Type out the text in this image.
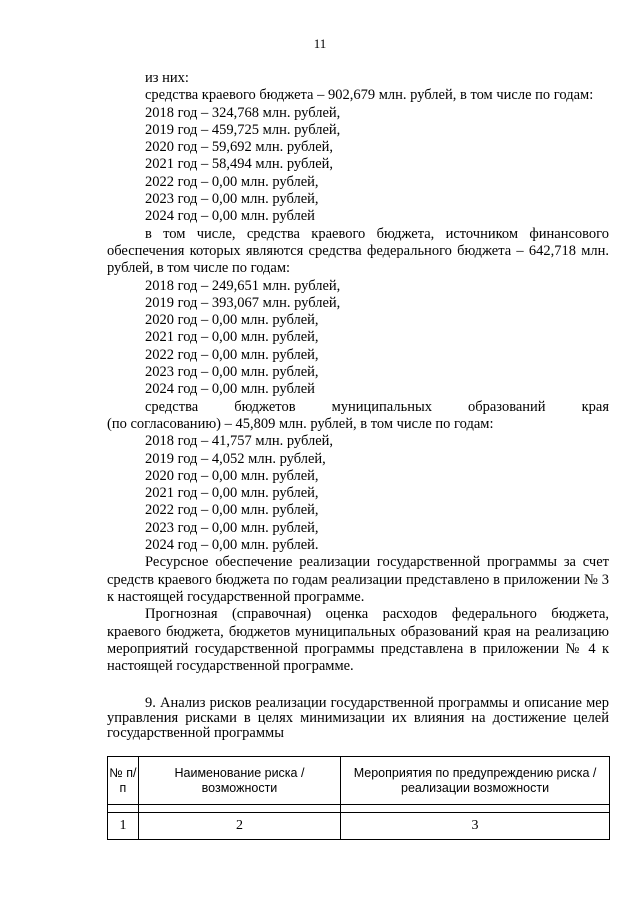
11

из них:

средства краевого бюджета – 902,679 млн. рублей, в том числе по годам:

2018 год – 324,768 млн. рублей,
2019 год – 459,725 млн. рублей,
2020 год – 59,692 млн. рублей,
2021 год – 58,494 млн. рублей,
2022 год – 0,00 млн. рублей,
2023 год – 0,00 млн. рублей,
2024 год – 0,00 млн. рублей

в том числе, средства краевого бюджета, источником финансового обеспечения которых являются средства федерального бюджета – 642,718 млн. рублей, в том числе по годам:

2018 год – 249,651 млн. рублей,
2019 год – 393,067 млн. рублей,
2020 год – 0,00 млн. рублей,
2021 год – 0,00 млн. рублей,
2022 год – 0,00 млн. рублей,
2023 год – 0,00 млн. рублей,
2024 год – 0,00 млн. рублей

средства бюджетов муниципальных образований края

(по согласованию) – 45,809 млн. рублей, в том числе по годам:

2018 год – 41,757 млн. рублей,
2019 год – 4,052 млн. рублей,
2020 год – 0,00 млн. рублей,
2021 год – 0,00 млн. рублей,
2022 год – 0,00 млн. рублей,
2023 год – 0,00 млн. рублей,
2024 год – 0,00 млн. рублей.

Ресурсное обеспечение реализации государственной программы за счет средств краевого бюджета по годам реализации представлено в приложении № 3 к настоящей государственной программе.

Прогнозная (справочная) оценка расходов федерального бюджета, краевого бюджета, бюджетов муниципальных образований края на реализацию мероприятий государственной программы представлена в приложении № 4 к настоящей государственной программе.

9. Анализ рисков реализации государственной программы и описание мер управления рисками в целях минимизации их влияния на достижение целей государственной программы

№ п/п	Наименование риска / возможности	Мероприятия по предупреждению риска / реализации возможности

1	2	3
